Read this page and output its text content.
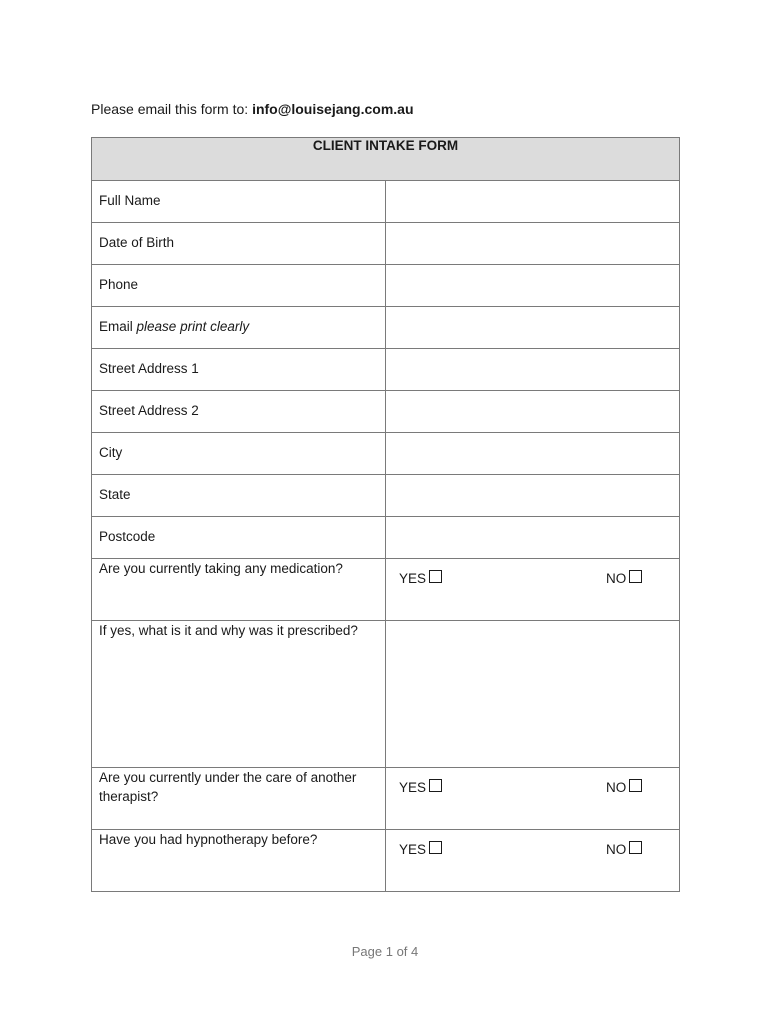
Please email this form to: info@louisejang.com.au
CLIENT INTAKE FORM	
Full Name	
Date of Birth	
Phone	
Email please print clearly	
Street Address 1	
Street Address 2	
City	
State	
Postcode	
Are you currently taking any medication?	YES NO

If yes, what is it and why was it prescribed?	
Are you currently under the care of another therapist?	YES NO

Have you had hypnotherapy before?	YES NO
Page 1 of 4
